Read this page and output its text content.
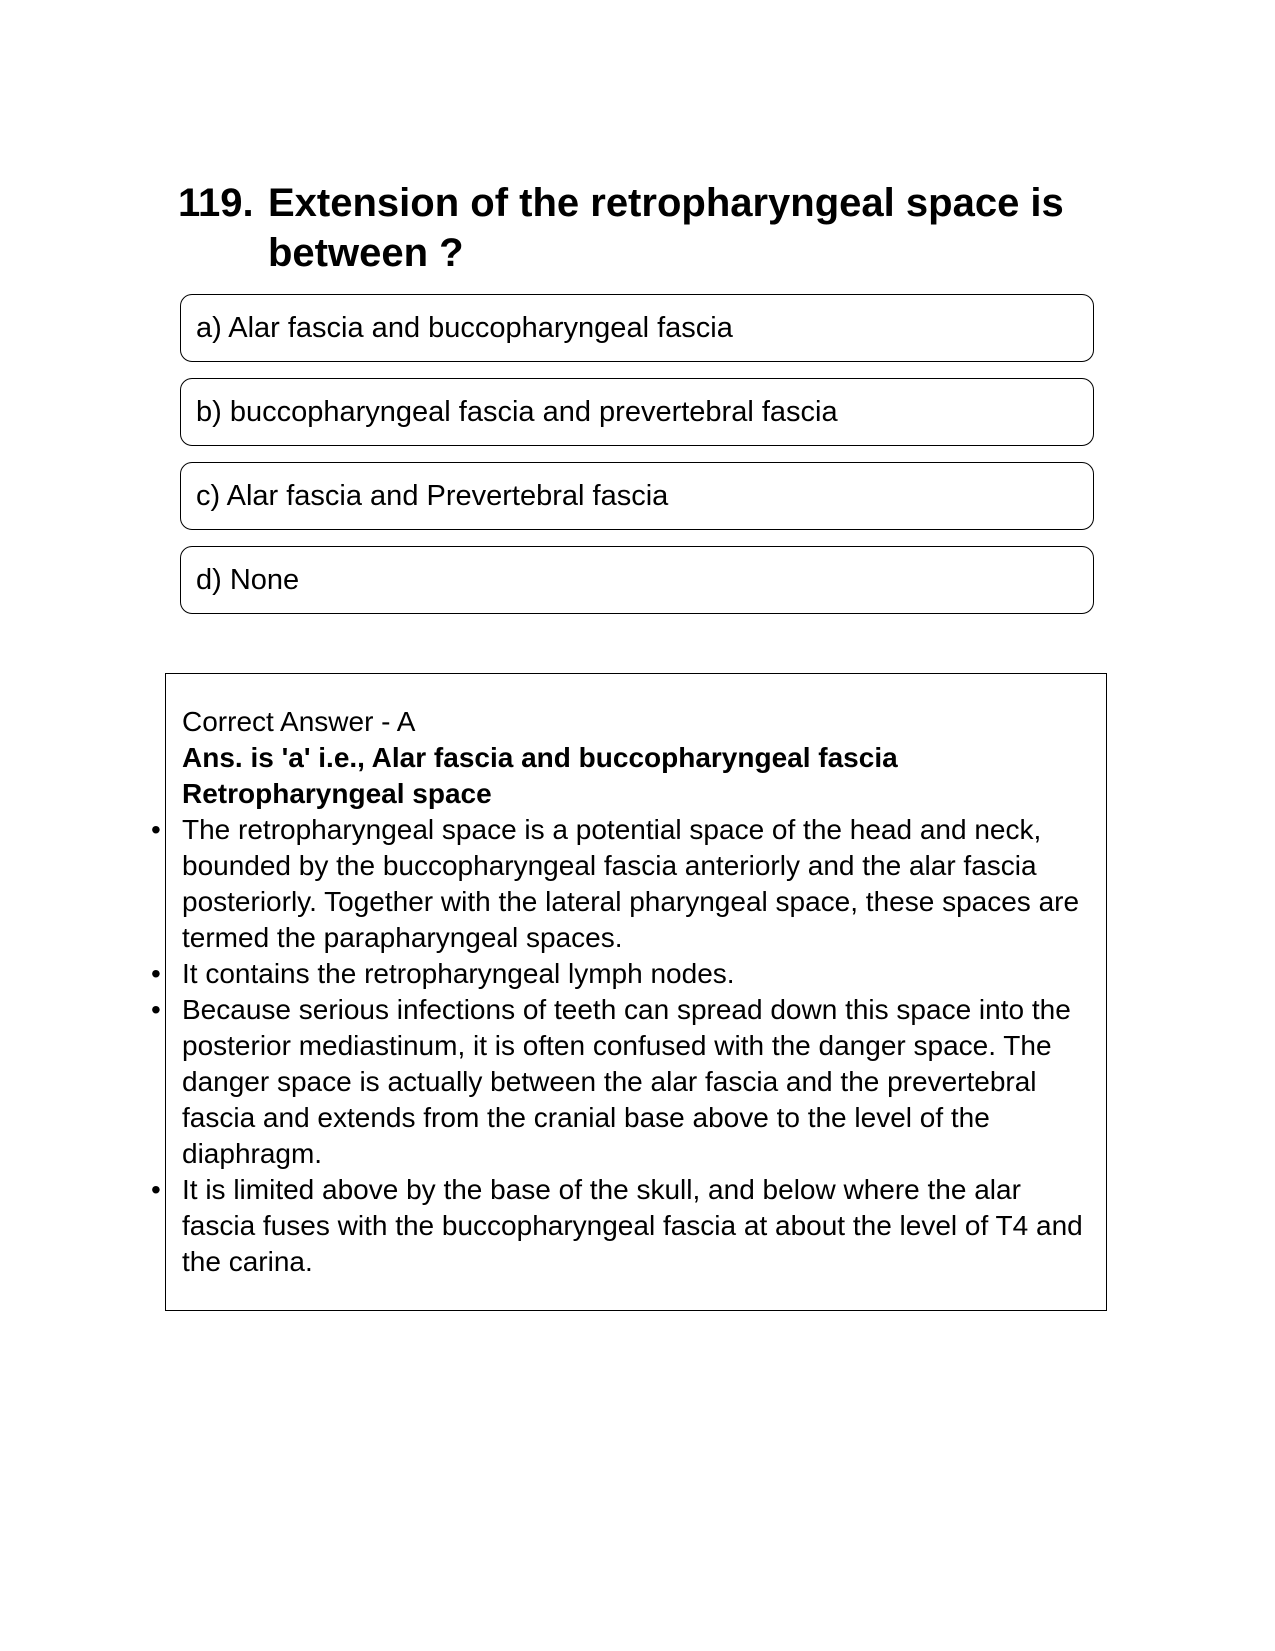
119. Extension of the retropharyngeal space is between ?
a) Alar fascia and buccopharyngeal fascia
b) buccopharyngeal fascia and prevertebral fascia
c) Alar fascia and Prevertebral fascia
d) None
Correct Answer - A
Ans. is 'a' i.e., Alar fascia and buccopharyngeal fascia
Retropharyngeal space
• The retropharyngeal space is a potential space of the head and neck, bounded by the buccopharyngeal fascia anteriorly and the alar fascia posteriorly. Together with the lateral pharyngeal space, these spaces are termed the parapharyngeal spaces.
• It contains the retropharyngeal lymph nodes.
• Because serious infections of teeth can spread down this space into the posterior mediastinum, it is often confused with the danger space. The danger space is actually between the alar fascia and the prevertebral fascia and extends from the cranial base above to the level of the diaphragm.
• It is limited above by the base of the skull, and below where the alar fascia fuses with the buccopharyngeal fascia at about the level of T4 and the carina.
